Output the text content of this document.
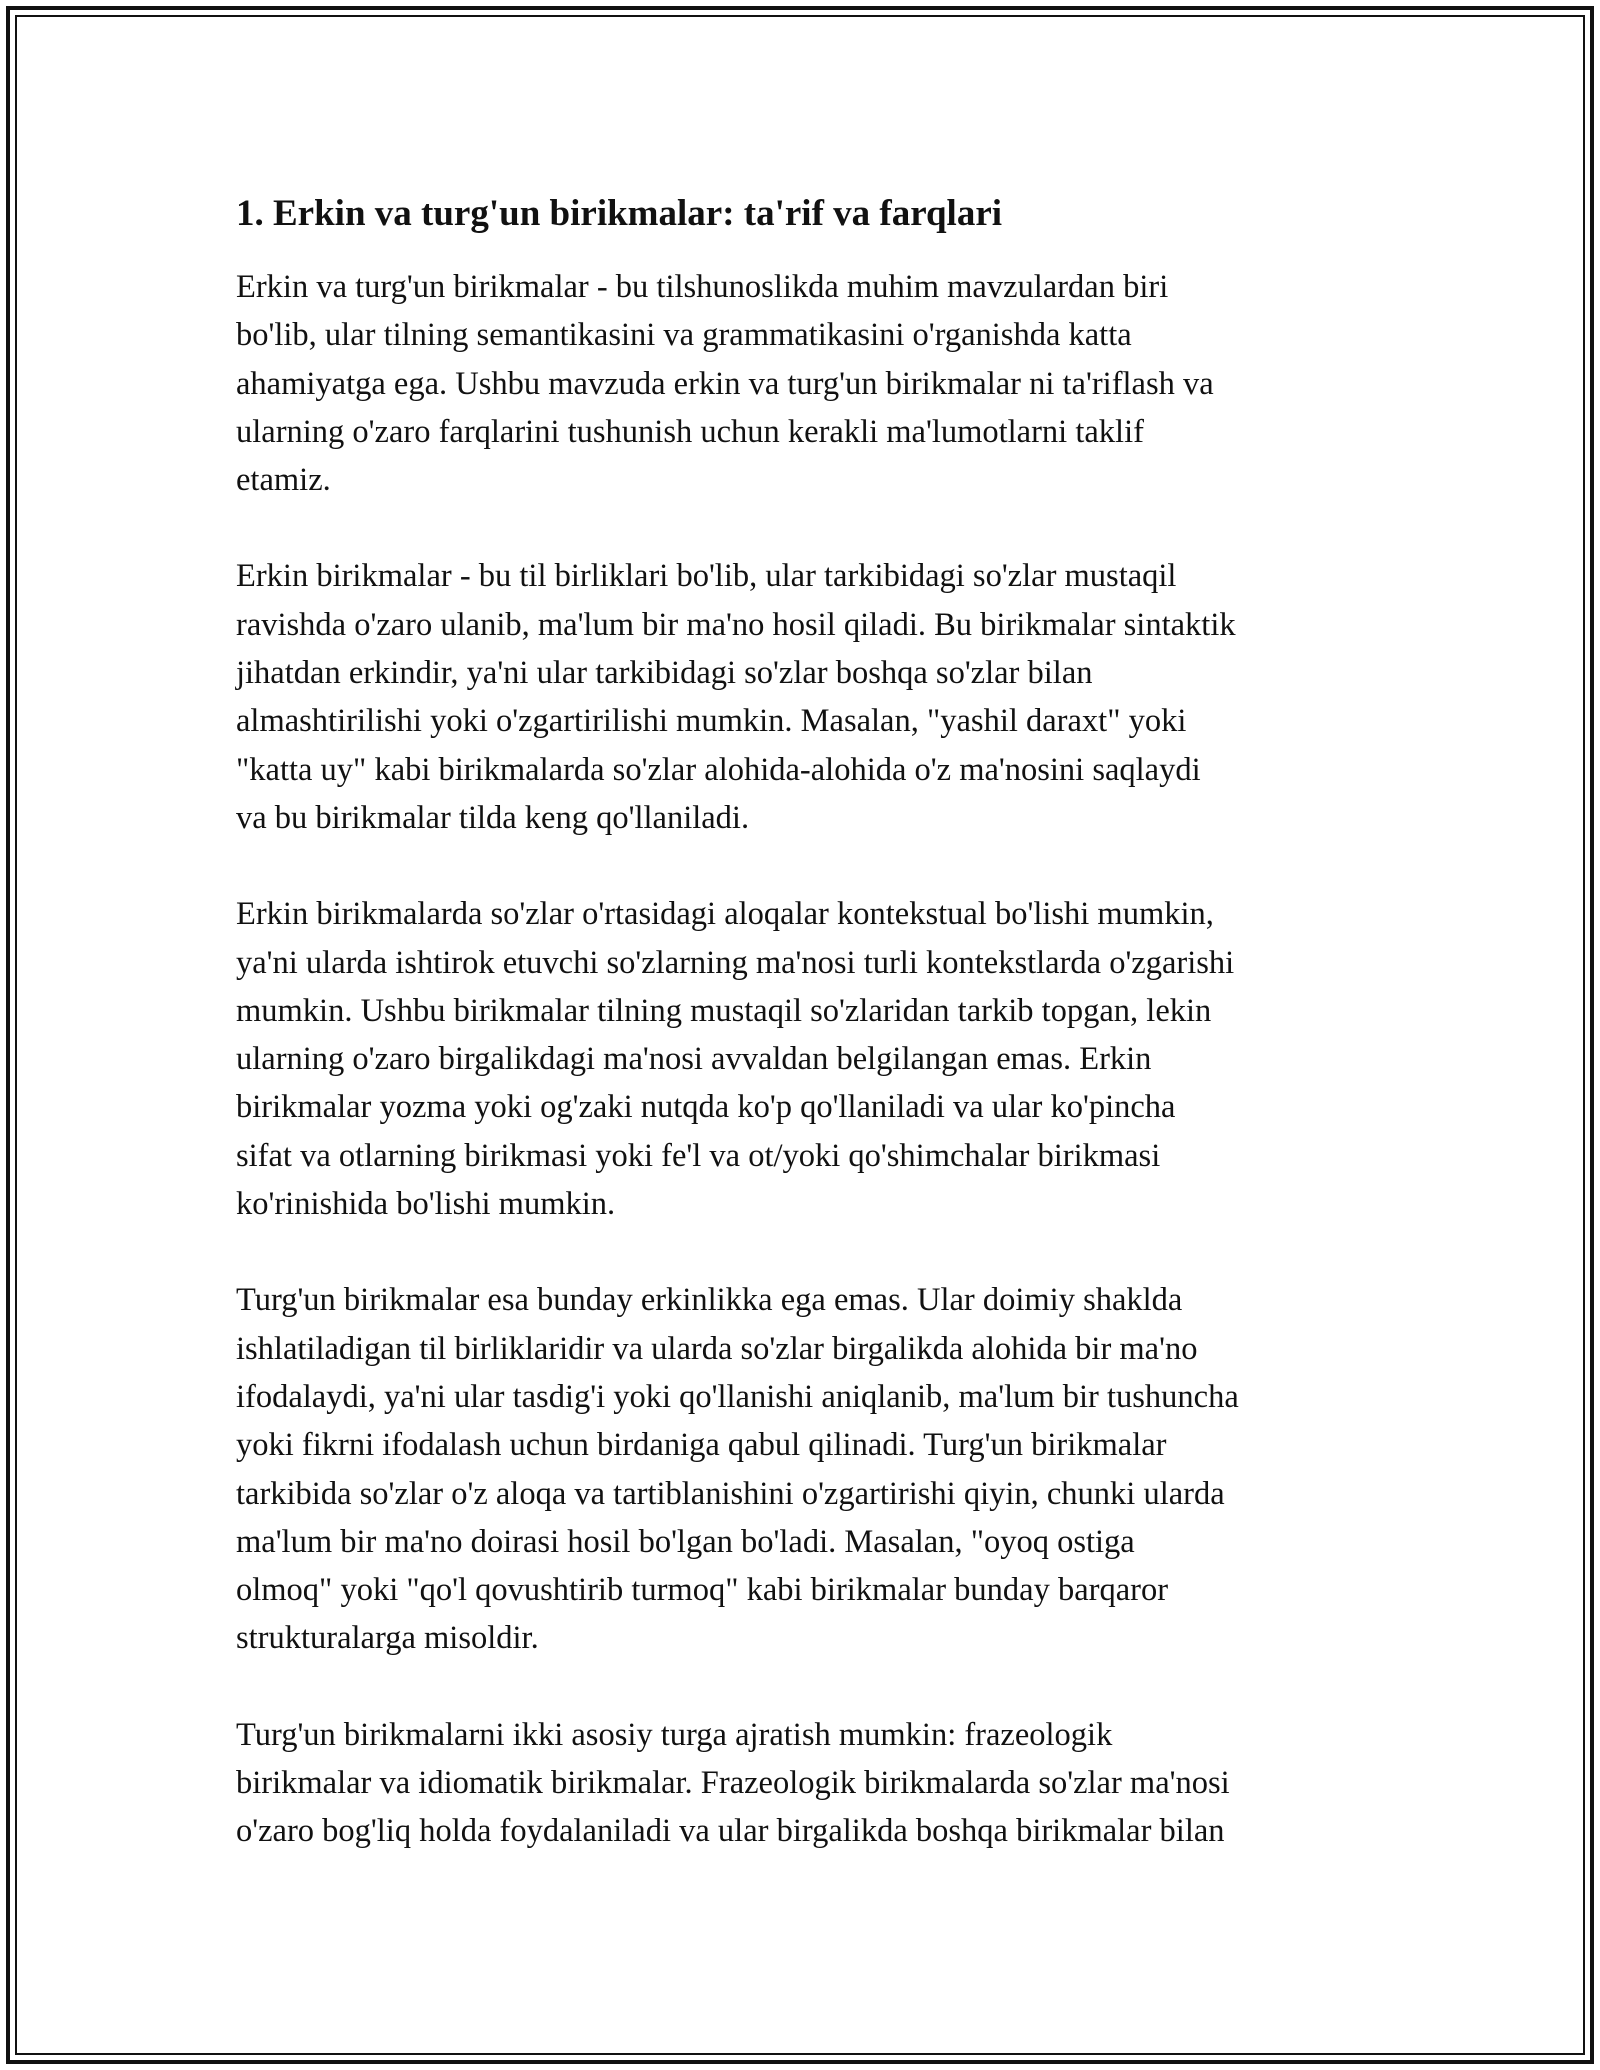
1. Erkin va turg'un birikmalar: ta'rif va farqlari

Erkin va turg'un birikmalar - bu tilshunoslikda muhim mavzulardan biri
bo'lib, ular tilning semantikasini va grammatikasini o'rganishda katta
ahamiyatga ega. Ushbu mavzuda erkin va turg'un birikmalar ni ta'riflash va
ularning o'zaro farqlarini tushunish uchun kerakli ma'lumotlarni taklif
etamiz.

Erkin birikmalar - bu til birliklari bo'lib, ular tarkibidagi so'zlar mustaqil
ravishda o'zaro ulanib, ma'lum bir ma'no hosil qiladi. Bu birikmalar sintaktik
jihatdan erkindir, ya'ni ular tarkibidagi so'zlar boshqa so'zlar bilan
almashtirilishi yoki o'zgartirilishi mumkin. Masalan, "yashil daraxt" yoki
"katta uy" kabi birikmalarda so'zlar alohida-alohida o'z ma'nosini saqlaydi
va bu birikmalar tilda keng qo'llaniladi.

Erkin birikmalarda so'zlar o'rtasidagi aloqalar kontekstual bo'lishi mumkin,
ya'ni ularda ishtirok etuvchi so'zlarning ma'nosi turli kontekstlarda o'zgarishi
mumkin. Ushbu birikmalar tilning mustaqil so'zlaridan tarkib topgan, lekin
ularning o'zaro birgalikdagi ma'nosi avvaldan belgilangan emas. Erkin
birikmalar yozma yoki og'zaki nutqda ko'p qo'llaniladi va ular ko'pincha
sifat va otlarning birikmasi yoki fe'l va ot/yoki qo'shimchalar birikmasi
ko'rinishida bo'lishi mumkin.

Turg'un birikmalar esa bunday erkinlikka ega emas. Ular doimiy shakldа
ishlatiladigan til birliklaridir va ularda so'zlar birgalikda alohida bir ma'no
ifodalaydi, ya'ni ular tasdig'i yoki qo'llanishi aniqlanib, ma'lum bir tushuncha
yoki fikrni ifodalash uchun birdaniga qabul qilinadi. Turg'un birikmalar
tarkibida so'zlar o'z aloqa va tartiblanishini o'zgartirishi qiyin, chunki ularda
ma'lum bir ma'no doirasi hosil bo'lgan bo'ladi. Masalan, "oyoq ostiga
olmoq" yoki "qo'l qovushtirib turmoq" kabi birikmalar bunday barqaror
strukturalarga misoldir.

Turg'un birikmalarni ikki asosiy turga ajratish mumkin: frazeologik
birikmalar va idiomatik birikmalar. Frazeologik birikmalarda so'zlar ma'nosi
o'zaro bog'liq holda foydalaniladi va ular birgalikda boshqa birikmalar bilan
